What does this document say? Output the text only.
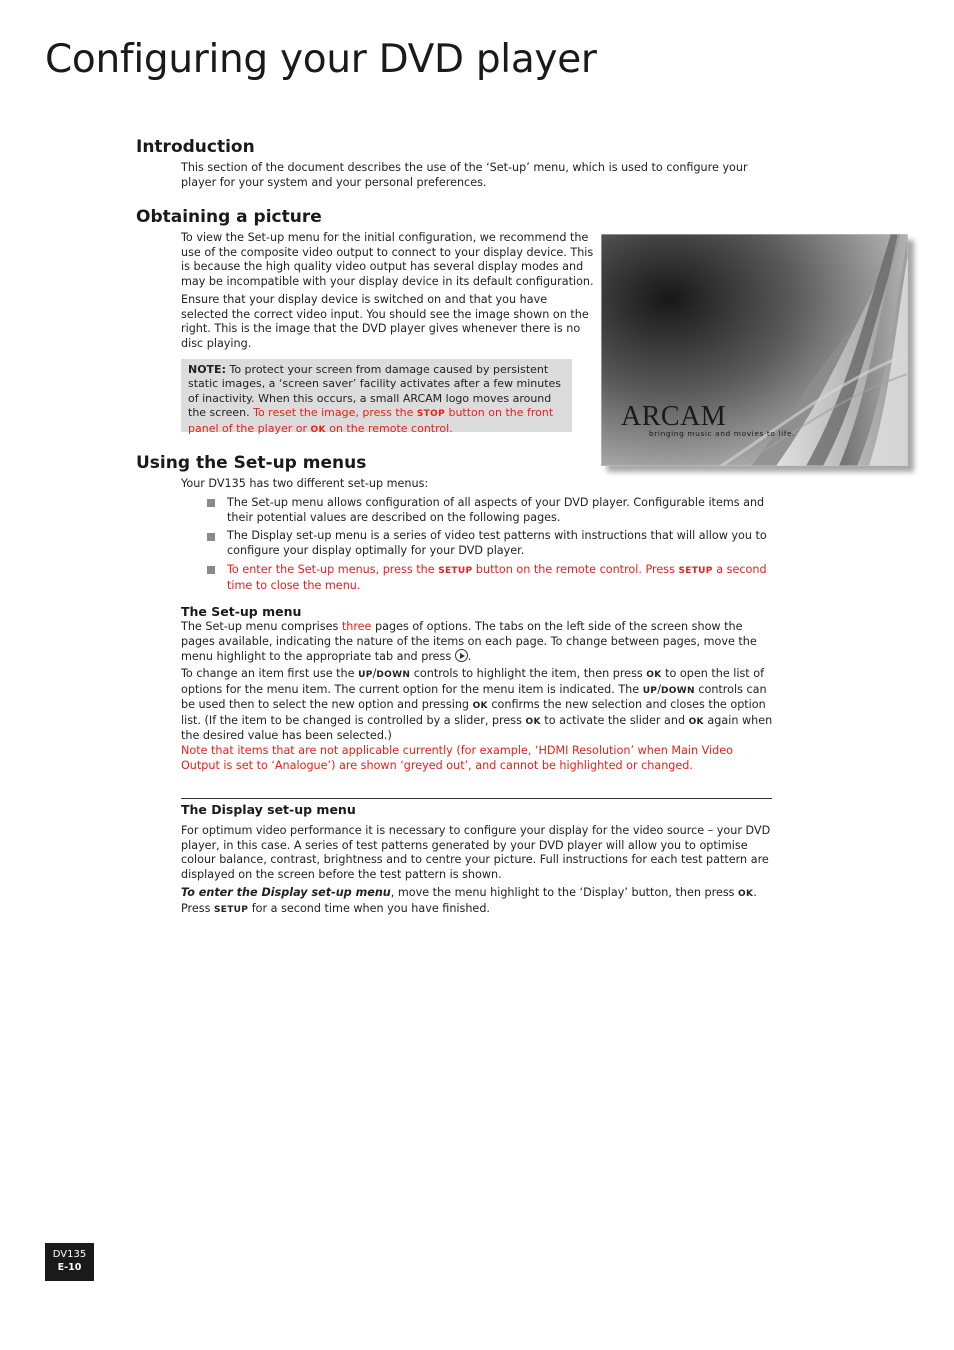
Configuring your DVD player
Introduction

This section of the document describes the use of the ‘Set-up’ menu, which is used to configure your player for your system and your personal preferences.

Obtaining a picture

To view the Set-up menu for the initial configuration, we recommend the use of the composite video output to connect to your display device. This is because the high quality video output has several display modes and may be incompatible with your display device in its default configuration.

Ensure that your display device is switched on and that you have selected the correct video input. You should see the image shown on the right. This is the image that the DVD player gives whenever there is no disc playing.

NOTE: To protect your screen from damage caused by persistent static images, a ‘screen saver’ facility activates after a few minutes of inactivity. When this occurs, a small ARCAM logo moves around the screen. To reset the image, press the STOP button on the front panel of the player or OK on the remote control.	ARCAM
bringing music and movies to life.
Using the Set-up menus

Your DV135 has two different set-up menus:

The Set-up menu allows configuration of all aspects of your DVD player. Configurable items and their potential values are described on the following pages.

The Display set-up menu is a series of video test patterns with instructions that will allow you to configure your display optimally for your DVD player.

To enter the Set-up menus, press the SETUP button on the remote control. Press SETUP a second time to close the menu.

The Set-up menu

The Set-up menu comprises three pages of options. The tabs on the left side of the screen show the pages available, indicating the nature of the items on each page. To change between pages, move the menu highlight to the appropriate tab and press .

To change an item first use the UP/DOWN controls to highlight the item, then press OK to open the list of options for the menu item. The current option for the menu item is indicated. The UP/DOWN controls can be used then to select the new option and pressing OK confirms the new selection and closes the option list. (If the item to be changed is controlled by a slider, press OK to activate the slider and OK again when the desired value has been selected.)

Note that items that are not applicable currently (for example, ‘HDMI Resolution’ when Main Video Output is set to ‘Analogue’) are shown ‘greyed out’, and cannot be highlighted or changed.

The Display set-up menu

For optimum video performance it is necessary to configure your display for the video source – your DVD player, in this case. A series of test patterns generated by your DVD player will allow you to optimise colour balance, contrast, brightness and to centre your picture. Full instructions for each test pattern are displayed on the screen before the test pattern is shown.

To enter the Display set-up menu, move the menu highlight to the ‘Display’ button, then press OK. Press SETUP for a second time when you have finished.

DV135
E-10
